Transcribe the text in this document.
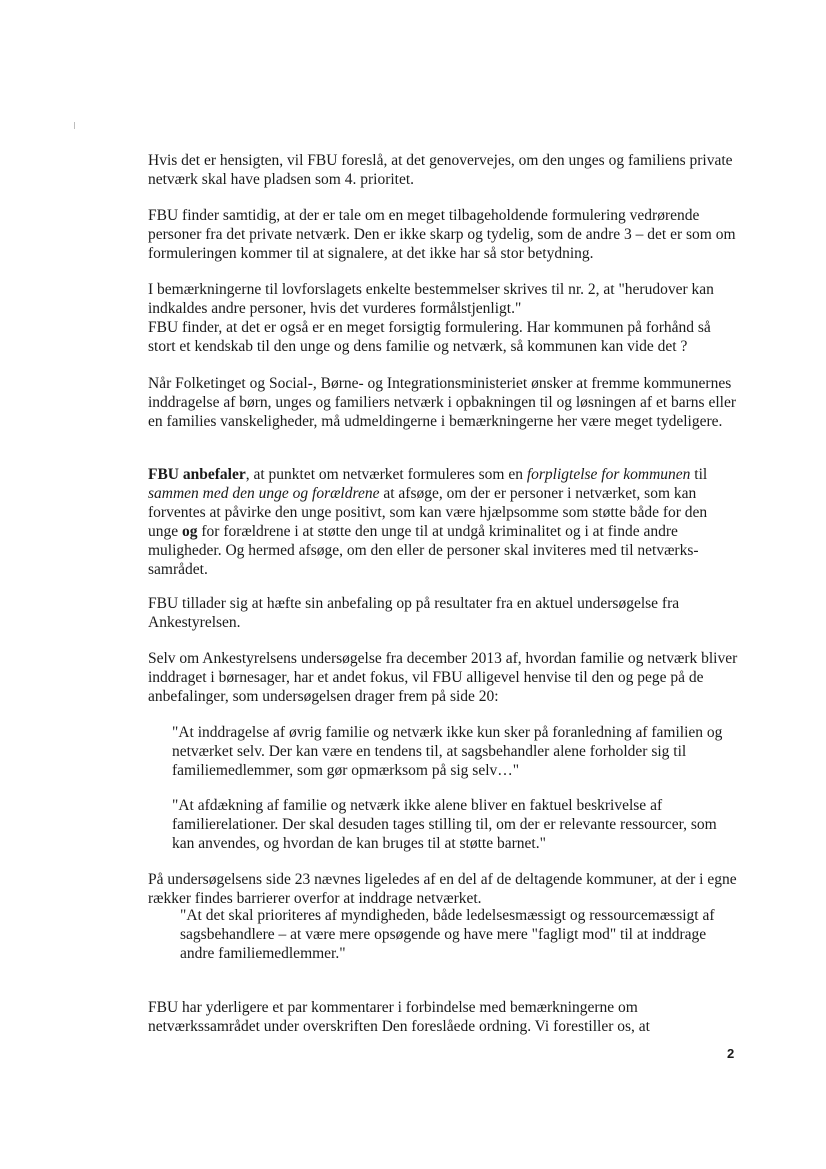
Hvis det er hensigten, vil FBU foreslå, at det genovervejes, om den unges og familiens private netværk skal have pladsen som 4. prioritet.

FBU finder samtidig, at der er tale om en meget tilbageholdende formulering vedrørende personer fra det private netværk. Den er ikke skarp og tydelig, som de andre 3 – det er som om formuleringen kommer til at signalere, at det ikke har så stor betydning.

I bemærkningerne til lovforslagets enkelte bestemmelser skrives til nr. 2, at "herudover kan indkaldes andre personer, hvis det vurderes formålstjenligt."

FBU finder, at det er også er en meget forsigtig formulering. Har kommunen på forhånd så stort et kendskab til den unge og dens familie og netværk, så kommunen kan vide det ?

Når Folketinget og Social-, Børne- og Integrationsministeriet ønsker at fremme kommunernes inddragelse af børn, unges og familiers netværk i opbakningen til og løsningen af et barns eller en families vanskeligheder, må udmeldingerne i bemærkningerne her være meget tydeligere.

FBU anbefaler, at punktet om netværket formuleres som en forpligtelse for kommunen til sammen med den unge og forældrene at afsøge, om der er personer i netværket, som kan forventes at påvirke den unge positivt, som kan være hjælpsomme som støtte både for den unge og for forældrene i at støtte den unge til at undgå kriminalitet og i at finde andre muligheder. Og hermed afsøge, om den eller de personer skal inviteres med til netværks-samrådet.

FBU tillader sig at hæfte sin anbefaling op på resultater fra en aktuel undersøgelse fra Ankestyrelsen.

Selv om Ankestyrelsens undersøgelse fra december 2013 af, hvordan familie og netværk bliver inddraget i børnesager, har et andet fokus, vil FBU alligevel henvise til den og pege på de anbefalinger, som undersøgelsen drager frem på side 20:

"At inddragelse af øvrig familie og netværk ikke kun sker på foranledning af familien og netværket selv. Der kan være en tendens til, at sagsbehandler alene forholder sig til familiemedlemmer, som gør opmærksom på sig selv…"

"At afdækning af familie og netværk ikke alene bliver en faktuel beskrivelse af familierelationer. Der skal desuden tages stilling til, om der er relevante ressourcer, som kan anvendes, og hvordan de kan bruges til at støtte barnet."

På undersøgelsens side 23 nævnes ligeledes af en del af de deltagende kommuner, at der i egne rækker findes barrierer overfor at inddrage netværket.

"At det skal prioriteres af myndigheden, både ledelsesmæssigt og ressourcemæssigt af sagsbehandlere – at være mere opsøgende og have mere "fagligt mod" til at inddrage andre familiemedlemmer."

FBU har yderligere et par kommentarer i forbindelse med bemærkningerne om netværkssamrådet under overskriften Den foreslåede ordning. Vi forestiller os, at

2
